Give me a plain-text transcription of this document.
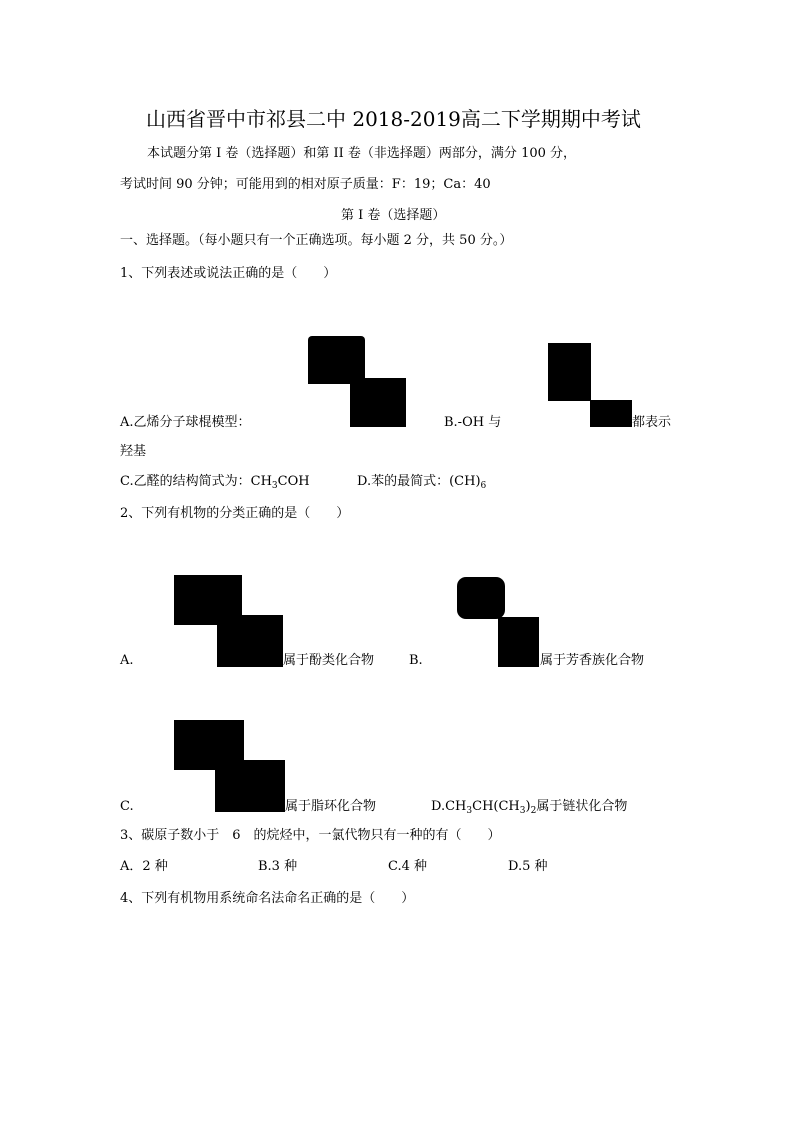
山西省晋中市祁县二中 2018-2019高二下学期期中考试
本试题分第 I 卷（选择题）和第 II 卷（非选择题）两部分，满分 100 分，
考试时间 90 分钟；可能用到的相对原子质量：F：19；Ca：40
第 I 卷（选择题）
一、选择题。（每小题只有一个正确选项。每小题 2 分，共 50 分。）
1、下列表述或说法正确的是（　　）
A.乙烯分子球棍模型：	B.-OH 与	都表示
羟基
C.乙醛的结构简式为：$CH_3COH$	D.苯的最简式：$(CH)_6$
2、下列有机物的分类正确的是（　　）
A.	属于酚类化合物	B.	属于芳香族化合物
C.	属于脂环化合物	$D.CH_3CH(CH_3)_2$属于链状化合物
3、碳原子数小于　6　的烷烃中，一氯代物只有一种的有（　　）
A．2 种	B.3 种	C.4 种	D.5 种
4、下列有机物用系统命名法命名正确的是（　　）
